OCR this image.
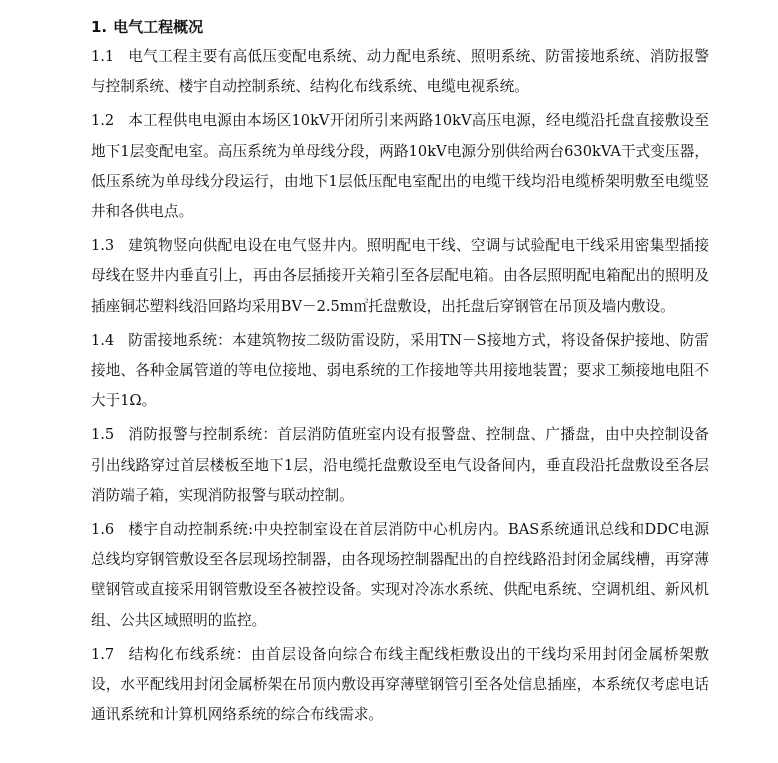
1. 电气工程概况

1.1 电气工程主要有高低压变配电系统、动力配电系统、照明系统、防雷接地系统、消防报警与控制系统、楼宇自动控制系统、结构化布线系统、电缆电视系统。

1.2 本工程供电电源由本场区10kV开闭所引来两路10kV高压电源，经电缆沿托盘直接敷设至地下1层变配电室。高压系统为单母线分段，两路10kV电源分别供给两台630kVA干式变压器，低压系统为单母线分段运行，由地下1层低压配电室配出的电缆干线均沿电缆桥架明敷至电缆竖井和各供电点。

1.3 建筑物竖向供配电设在电气竖井内。照明配电干线、空调与试验配电干线采用密集型插接母线在竖井内垂直引上，再由各层插接开关箱引至各层配电箱。由各层照明配电箱配出的照明及插座铜芯塑料线沿回路均采用BV－2.5m㎡托盘敷设，出托盘后穿钢管在吊顶及墙内敷设。

1.4 防雷接地系统：本建筑物按二级防雷设防，采用TN－S接地方式，将设备保护接地、防雷接地、各种金属管道的等电位接地、弱电系统的工作接地等共用接地装置；要求工频接地电阻不大于1Ω。

1.5 消防报警与控制系统：首层消防值班室内设有报警盘、控制盘、广播盘，由中央控制设备引出线路穿过首层楼板至地下1层，沿电缆托盘敷设至电气设备间内，垂直段沿托盘敷设至各层消防端子箱，实现消防报警与联动控制。

1.6 楼宇自动控制系统:中央控制室设在首层消防中心机房内。BAS系统通讯总线和DDC电源总线均穿钢管敷设至各层现场控制器，由各现场控制器配出的自控线路沿封闭金属线槽，再穿薄壁钢管或直接采用钢管敷设至各被控设备。实现对冷冻水系统、供配电系统、空调机组、新风机组、公共区域照明的监控。

1.7 结构化布线系统：由首层设备向综合布线主配线柜敷设出的干线均采用封闭金属桥架敷设，水平配线用封闭金属桥架在吊顶内敷设再穿薄壁钢管引至各处信息插座，本系统仅考虑电话通讯系统和计算机网络系统的综合布线需求。
